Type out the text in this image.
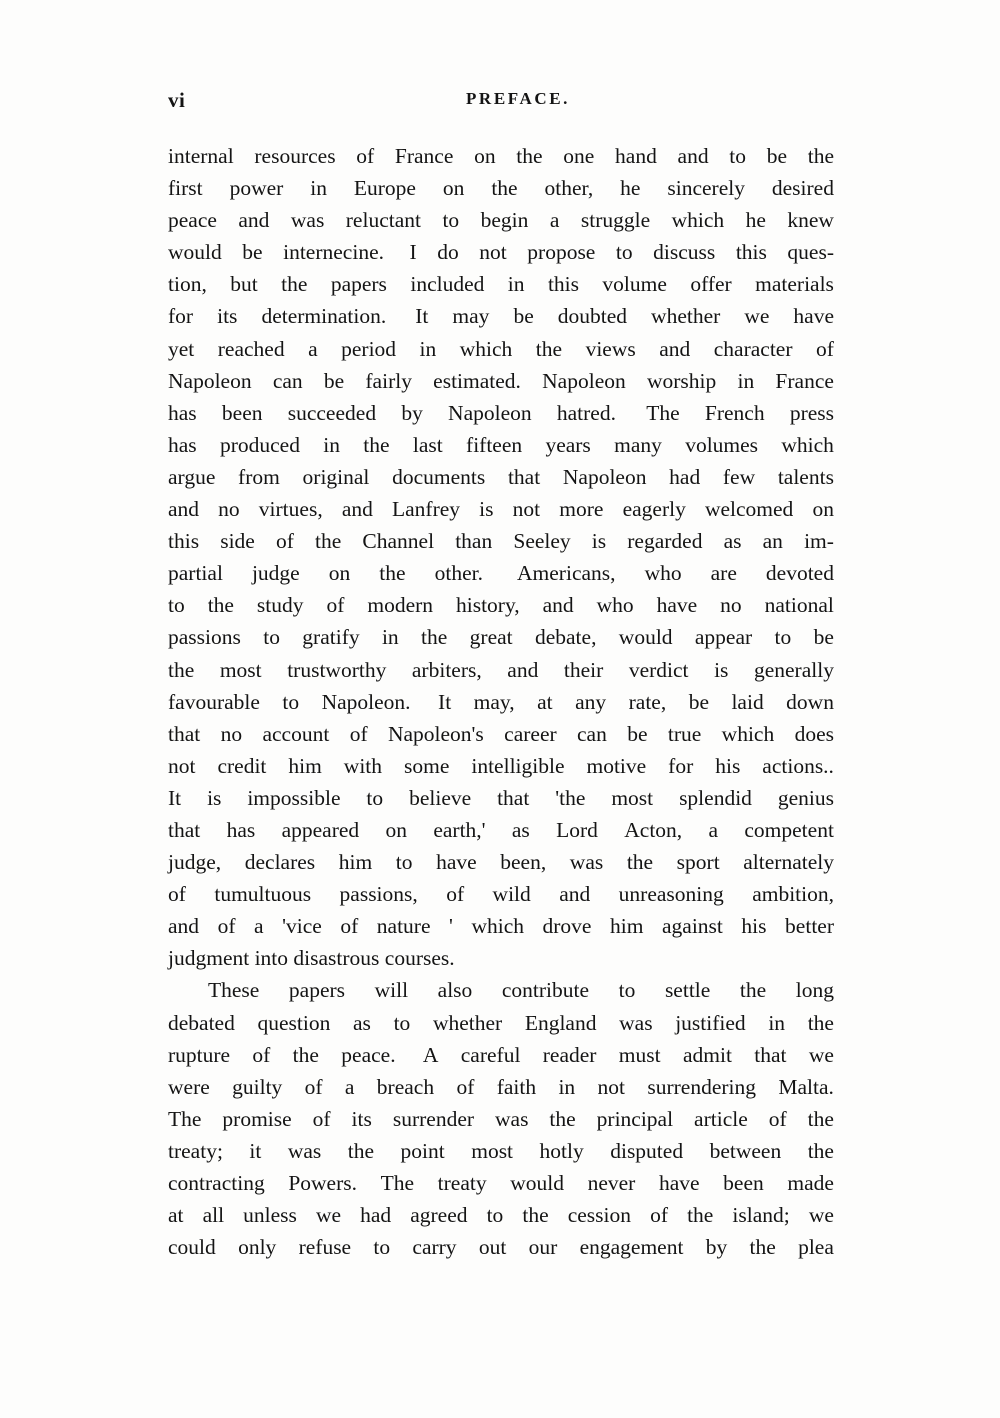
vi	PREFACE.
internal resources of France on the one hand and to be the
first power in Europe on the other, he sincerely desired
peace and was reluctant to begin a struggle which he knew
would be internecine. I do not propose to discuss this ques-
tion, but the papers included in this volume offer materials
for its determination. It may be doubted whether we have
yet reached a period in which the views and character of
Napoleon can be fairly estimated. Napoleon worship in France
has been succeeded by Napoleon hatred. The French press
has produced in the last fifteen years many volumes which
argue from original documents that Napoleon had few talents
and no virtues, and Lanfrey is not more eagerly welcomed on
this side of the Channel than Seeley is regarded as an im-
partial judge on the other. Americans, who are devoted
to the study of modern history, and who have no national
passions to gratify in the great debate, would appear to be
the most trustworthy arbiters, and their verdict is generally
favourable to Napoleon. It may, at any rate, be laid down
that no account of Napoleon's career can be true which does
not credit him with some intelligible motive for his actions..
It is impossible to believe that 'the most splendid genius
that has appeared on earth,' as Lord Acton, a competent
judge, declares him to have been, was the sport alternately
of tumultuous passions, of wild and unreasoning ambition,
and of a 'vice of nature ' which drove him against his better
judgment into disastrous courses.
These papers will also contribute to settle the long
debated question as to whether England was justified in the
rupture of the peace. A careful reader must admit that we
were guilty of a breach of faith in not surrendering Malta.
The promise of its surrender was the principal article of the
treaty; it was the point most hotly disputed between the
contracting Powers. The treaty would never have been made
at all unless we had agreed to the cession of the island; we
could only refuse to carry out our engagement by the plea
